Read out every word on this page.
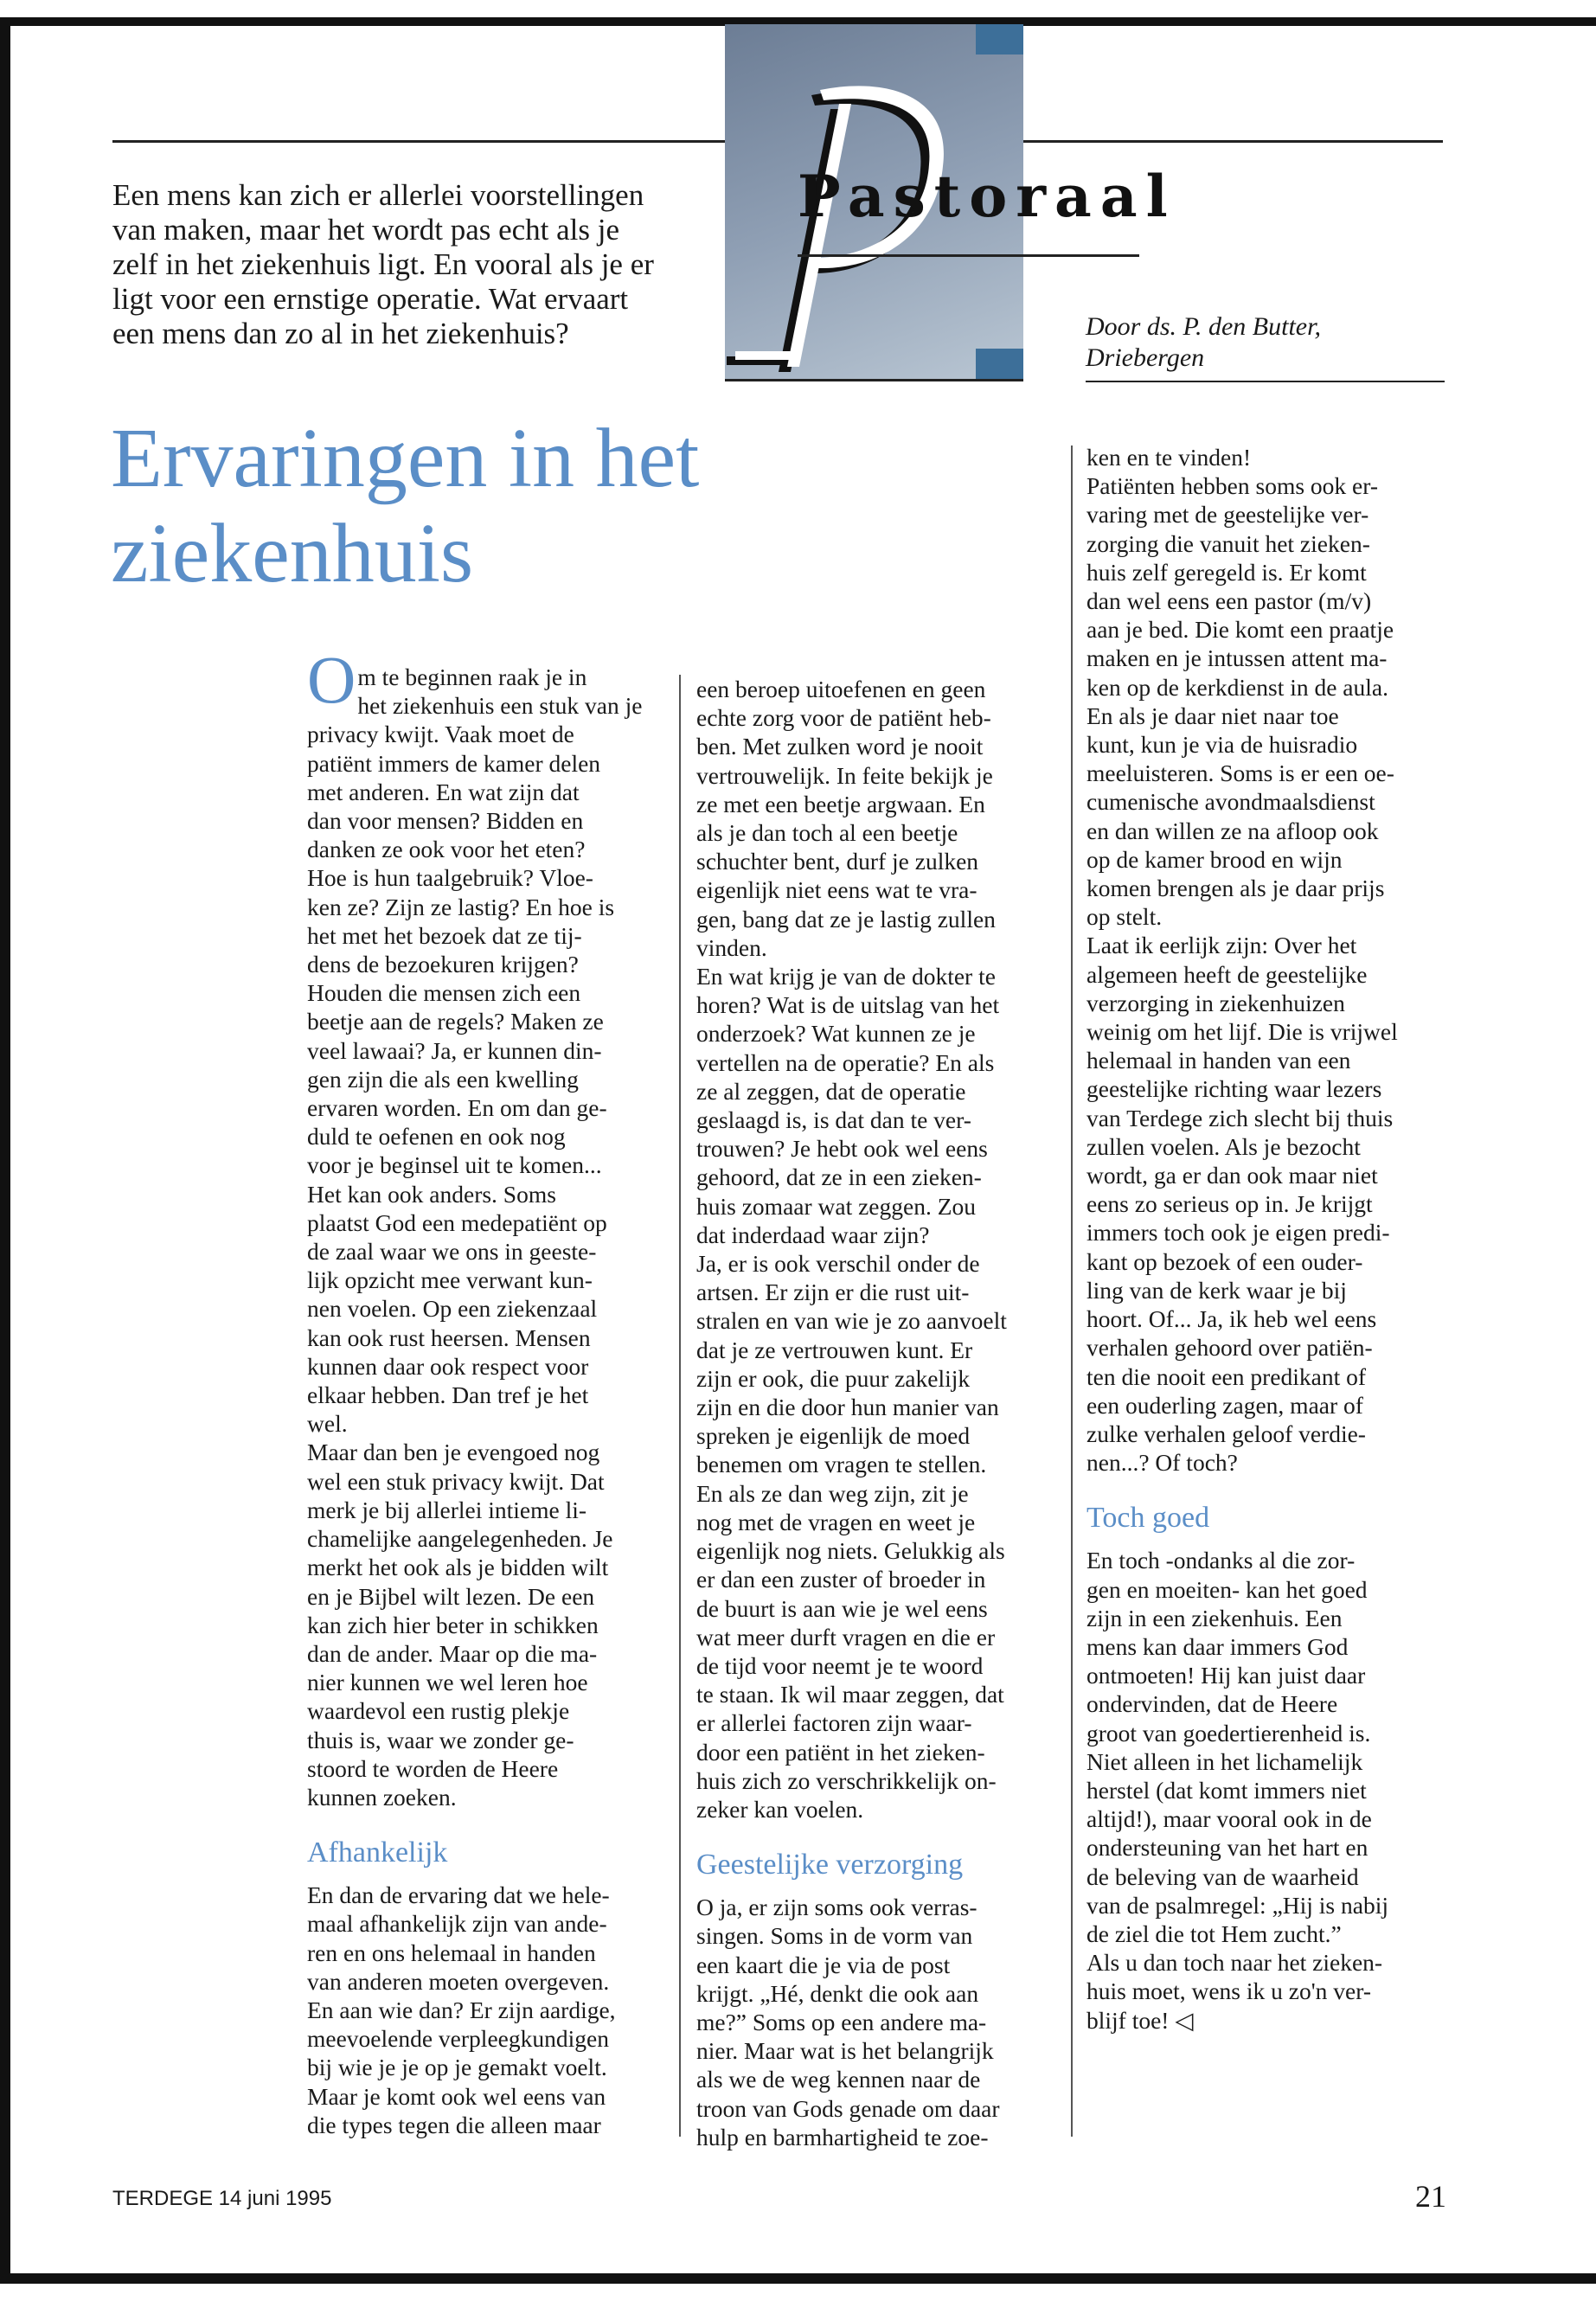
Pastoraal
Een mens kan zich er allerlei voorstellingen van maken, maar het wordt pas echt als je zelf in het ziekenhuis ligt. En vooral als je er ligt voor een ernstige operatie. Wat ervaart een mens dan zo al in het ziekenhuis?	Door ds. P. den Butter,
Driebergen
Ervaringen in het
ziekenhuis
Om te beginnen raak je in
het ziekenhuis een stuk van je
privacy kwijt. Vaak moet de
patiënt immers de kamer delen
met anderen. En wat zijn dat
dan voor mensen? Bidden en
danken ze ook voor het eten?
Hoe is hun taalgebruik? Vloe-
ken ze? Zijn ze lastig? En hoe is
het met het bezoek dat ze tij-
dens de bezoekuren krijgen?
Houden die mensen zich een
beetje aan de regels? Maken ze
veel lawaai? Ja, er kunnen din-
gen zijn die als een kwelling
ervaren worden. En om dan ge-
duld te oefenen en ook nog
voor je beginsel uit te komen...
Het kan ook anders. Soms
plaatst God een medepatiënt op
de zaal waar we ons in geeste-
lijk opzicht mee verwant kun-
nen voelen. Op een ziekenzaal
kan ook rust heersen. Mensen
kunnen daar ook respect voor
elkaar hebben. Dan tref je het
wel.
Maar dan ben je evengoed nog
wel een stuk privacy kwijt. Dat
merk je bij allerlei intieme li-
chamelijke aangelegenheden. Je
merkt het ook als je bidden wilt
en je Bijbel wilt lezen. De een
kan zich hier beter in schikken
dan de ander. Maar op die ma-
nier kunnen we wel leren hoe
waardevol een rustig plekje
thuis is, waar we zonder ge-
stoord te worden de Heere
kunnen zoeken.
Afhankelijk
En dan de ervaring dat we hele-
maal afhankelijk zijn van ande-
ren en ons helemaal in handen
van anderen moeten overgeven.
En aan wie dan? Er zijn aardige,
meevoelende verpleegkundigen
bij wie je je op je gemakt voelt.
Maar je komt ook wel eens van
die types tegen die alleen maar
een beroep uitoefenen en geen
echte zorg voor de patiënt heb-
ben. Met zulken word je nooit
vertrouwelijk. In feite bekijk je
ze met een beetje argwaan. En
als je dan toch al een beetje
schuchter bent, durf je zulken
eigenlijk niet eens wat te vra-
gen, bang dat ze je lastig zullen
vinden.
En wat krijg je van de dokter te
horen? Wat is de uitslag van het
onderzoek? Wat kunnen ze je
vertellen na de operatie? En als
ze al zeggen, dat de operatie
geslaagd is, is dat dan te ver-
trouwen? Je hebt ook wel eens
gehoord, dat ze in een zieken-
huis zomaar wat zeggen. Zou
dat inderdaad waar zijn?
Ja, er is ook verschil onder de
artsen. Er zijn er die rust uit-
stralen en van wie je zo aanvoelt
dat je ze vertrouwen kunt. Er
zijn er ook, die puur zakelijk
zijn en die door hun manier van
spreken je eigenlijk de moed
benemen om vragen te stellen.
En als ze dan weg zijn, zit je
nog met de vragen en weet je
eigenlijk nog niets. Gelukkig als
er dan een zuster of broeder in
de buurt is aan wie je wel eens
wat meer durft vragen en die er
de tijd voor neemt je te woord
te staan. Ik wil maar zeggen, dat
er allerlei factoren zijn waar-
door een patiënt in het zieken-
huis zich zo verschrikkelijk on-
zeker kan voelen.
Geestelijke verzorging
O ja, er zijn soms ook verras-
singen. Soms in de vorm van
een kaart die je via de post
krijgt. „Hé, denkt die ook aan
me?” Soms op een andere ma-
nier. Maar wat is het belangrijk
als we de weg kennen naar de
troon van Gods genade om daar
hulp en barmhartigheid te zoe-
ken en te vinden!
Patiënten hebben soms ook er-
varing met de geestelijke ver-
zorging die vanuit het zieken-
huis zelf geregeld is. Er komt
dan wel eens een pastor (m/v)
aan je bed. Die komt een praatje
maken en je intussen attent ma-
ken op de kerkdienst in de aula.
En als je daar niet naar toe
kunt, kun je via de huisradio
meeluisteren. Soms is er een oe-
cumenische avondmaalsdienst
en dan willen ze na afloop ook
op de kamer brood en wijn
komen brengen als je daar prijs
op stelt.
Laat ik eerlijk zijn: Over het
algemeen heeft de geestelijke
verzorging in ziekenhuizen
weinig om het lijf. Die is vrijwel
helemaal in handen van een
geestelijke richting waar lezers
van Terdege zich slecht bij thuis
zullen voelen. Als je bezocht
wordt, ga er dan ook maar niet
eens zo serieus op in. Je krijgt
immers toch ook je eigen predi-
kant op bezoek of een ouder-
ling van de kerk waar je bij
hoort. Of... Ja, ik heb wel eens
verhalen gehoord over patiën-
ten die nooit een predikant of
een ouderling zagen, maar of
zulke verhalen geloof verdie-
nen...? Of toch?
Toch goed
En toch -ondanks al die zor-
gen en moeiten- kan het goed
zijn in een ziekenhuis. Een
mens kan daar immers God
ontmoeten! Hij kan juist daar
ondervinden, dat de Heere
groot van goedertierenheid is.
Niet alleen in het lichamelijk
herstel (dat komt immers niet
altijd!), maar vooral ook in de
ondersteuning van het hart en
de beleving van de waarheid
van de psalmregel: „Hij is nabij
de ziel die tot Hem zucht.”
Als u dan toch naar het zieken-
huis moet, wens ik u zo'n ver-
blijf toe! ◁
TERDEGE 14 juni 1995	21
